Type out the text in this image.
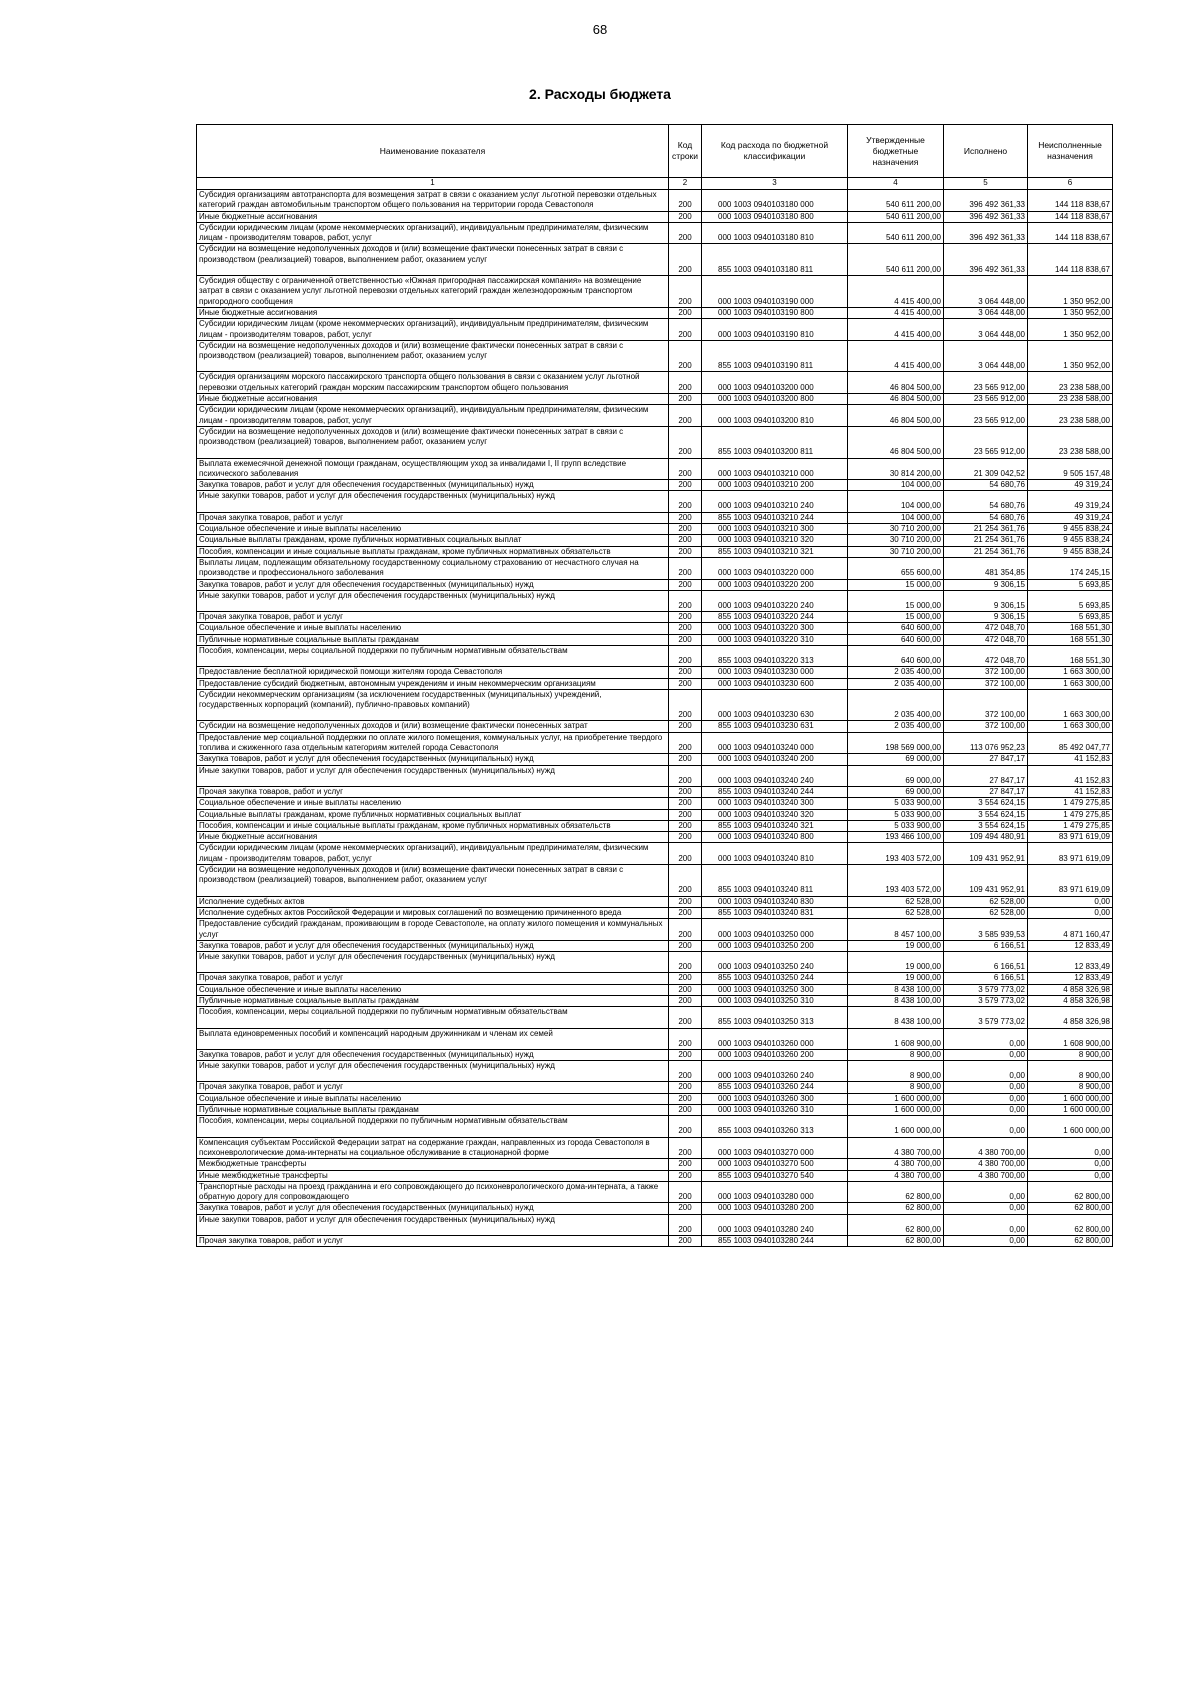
68
2. Расходы бюджета
Наименование показателя	Код строки	Код расхода по бюджетной классификации	Утвержденные бюджетные назначения	Исполнено	Неисполненные назначения
1	2	3	4	5	6
Субсидия организациям автотранспорта для возмещения затрат в связи с оказанием услуг льготной перевозки отдельных категорий граждан автомобильным транспортом общего пользования на территории города Севастополя	200	000 1003 0940103180 000	540 611 200,00	396 492 361,33	144 118 838,67
Иные бюджетные ассигнования	200	000 1003 0940103180 800	540 611 200,00	396 492 361,33	144 118 838,67
Субсидии юридическим лицам (кроме некоммерческих организаций), индивидуальным предпринимателям, физическим лицам - производителям товаров, работ, услуг	200	000 1003 0940103180 810	540 611 200,00	396 492 361,33	144 118 838,67
Субсидии на возмещение недополученных доходов и (или) возмещение фактически понесенных затрат в связи с производством (реализацией) товаров, выполнением работ, оказанием услуг	200	855 1003 0940103180 811	540 611 200,00	396 492 361,33	144 118 838,67
Субсидия обществу с ограниченной ответственностью «Южная пригородная пассажирская компания» на возмещение затрат в связи с оказанием услуг льготной перевозки отдельных категорий граждан железнодорожным транспортом пригородного сообщения	200	000 1003 0940103190 000	4 415 400,00	3 064 448,00	1 350 952,00
Иные бюджетные ассигнования	200	000 1003 0940103190 800	4 415 400,00	3 064 448,00	1 350 952,00
Субсидии юридическим лицам (кроме некоммерческих организаций), индивидуальным предпринимателям, физическим лицам - производителям товаров, работ, услуг	200	000 1003 0940103190 810	4 415 400,00	3 064 448,00	1 350 952,00
Субсидии на возмещение недополученных доходов и (или) возмещение фактически понесенных затрат в связи с производством (реализацией) товаров, выполнением работ, оказанием услуг	200	855 1003 0940103190 811	4 415 400,00	3 064 448,00	1 350 952,00
Субсидия организациям морского пассажирского транспорта общего пользования в связи с оказанием услуг льготной перевозки отдельных категорий граждан морским пассажирским транспортом общего пользования	200	000 1003 0940103200 000	46 804 500,00	23 565 912,00	23 238 588,00
Иные бюджетные ассигнования	200	000 1003 0940103200 800	46 804 500,00	23 565 912,00	23 238 588,00
Субсидии юридическим лицам (кроме некоммерческих организаций), индивидуальным предпринимателям, физическим лицам - производителям товаров, работ, услуг	200	000 1003 0940103200 810	46 804 500,00	23 565 912,00	23 238 588,00
Субсидии на возмещение недополученных доходов и (или) возмещение фактически понесенных затрат в связи с производством (реализацией) товаров, выполнением работ, оказанием услуг	200	855 1003 0940103200 811	46 804 500,00	23 565 912,00	23 238 588,00
Выплата ежемесячной денежной помощи гражданам, осуществляющим уход за инвалидами I, II групп вследствие психического заболевания	200	000 1003 0940103210 000	30 814 200,00	21 309 042,52	9 505 157,48
Закупка товаров, работ и услуг для обеспечения государственных (муниципальных) нужд	200	000 1003 0940103210 200	104 000,00	54 680,76	49 319,24
Иные закупки товаров, работ и услуг для обеспечения государственных (муниципальных) нужд	200	000 1003 0940103210 240	104 000,00	54 680,76	49 319,24
Прочая закупка товаров, работ и услуг	200	855 1003 0940103210 244	104 000,00	54 680,76	49 319,24
Социальное обеспечение и иные выплаты населению	200	000 1003 0940103210 300	30 710 200,00	21 254 361,76	9 455 838,24
Социальные выплаты гражданам, кроме публичных нормативных социальных выплат	200	000 1003 0940103210 320	30 710 200,00	21 254 361,76	9 455 838,24
Пособия, компенсации и иные социальные выплаты гражданам, кроме публичных нормативных обязательств	200	855 1003 0940103210 321	30 710 200,00	21 254 361,76	9 455 838,24
Выплаты лицам, подлежащим обязательному государственному социальному страхованию от несчастного случая на производстве и профессионального заболевания	200	000 1003 0940103220 000	655 600,00	481 354,85	174 245,15
Закупка товаров, работ и услуг для обеспечения государственных (муниципальных) нужд	200	000 1003 0940103220 200	15 000,00	9 306,15	5 693,85
Иные закупки товаров, работ и услуг для обеспечения государственных (муниципальных) нужд	200	000 1003 0940103220 240	15 000,00	9 306,15	5 693,85
Прочая закупка товаров, работ и услуг	200	855 1003 0940103220 244	15 000,00	9 306,15	5 693,85
Социальное обеспечение и иные выплаты населению	200	000 1003 0940103220 300	640 600,00	472 048,70	168 551,30
Публичные нормативные социальные выплаты гражданам	200	000 1003 0940103220 310	640 600,00	472 048,70	168 551,30
Пособия, компенсации, меры социальной поддержки по публичным нормативным обязательствам	200	855 1003 0940103220 313	640 600,00	472 048,70	168 551,30
Предоставление бесплатной юридической помощи жителям города Севастополя	200	000 1003 0940103230 000	2 035 400,00	372 100,00	1 663 300,00
Предоставление субсидий бюджетным, автономным учреждениям и иным некоммерческим организациям	200	000 1003 0940103230 600	2 035 400,00	372 100,00	1 663 300,00
Субсидии некоммерческим организациям (за исключением государственных (муниципальных) учреждений, государственных корпораций (компаний), публично-правовых компаний)	200	000 1003 0940103230 630	2 035 400,00	372 100,00	1 663 300,00
Субсидии на возмещение недополученных доходов и (или) возмещение фактически понесенных затрат	200	855 1003 0940103230 631	2 035 400,00	372 100,00	1 663 300,00
Предоставление мер социальной поддержки по оплате жилого помещения, коммунальных услуг, на приобретение твердого топлива и сжиженного газа отдельным категориям жителей города Севастополя	200	000 1003 0940103240 000	198 569 000,00	113 076 952,23	85 492 047,77
Закупка товаров, работ и услуг для обеспечения государственных (муниципальных) нужд	200	000 1003 0940103240 200	69 000,00	27 847,17	41 152,83
Иные закупки товаров, работ и услуг для обеспечения государственных (муниципальных) нужд	200	000 1003 0940103240 240	69 000,00	27 847,17	41 152,83
Прочая закупка товаров, работ и услуг	200	855 1003 0940103240 244	69 000,00	27 847,17	41 152,83
Социальное обеспечение и иные выплаты населению	200	000 1003 0940103240 300	5 033 900,00	3 554 624,15	1 479 275,85
Социальные выплаты гражданам, кроме публичных нормативных социальных выплат	200	000 1003 0940103240 320	5 033 900,00	3 554 624,15	1 479 275,85
Пособия, компенсации и иные социальные выплаты гражданам, кроме публичных нормативных обязательств	200	855 1003 0940103240 321	5 033 900,00	3 554 624,15	1 479 275,85
Иные бюджетные ассигнования	200	000 1003 0940103240 800	193 466 100,00	109 494 480,91	83 971 619,09
Субсидии юридическим лицам (кроме некоммерческих организаций), индивидуальным предпринимателям, физическим лицам - производителям товаров, работ, услуг	200	000 1003 0940103240 810	193 403 572,00	109 431 952,91	83 971 619,09
Субсидии на возмещение недополученных доходов и (или) возмещение фактически понесенных затрат в связи с производством (реализацией) товаров, выполнением работ, оказанием услуг	200	855 1003 0940103240 811	193 403 572,00	109 431 952,91	83 971 619,09
Исполнение судебных актов	200	000 1003 0940103240 830	62 528,00	62 528,00	0,00
Исполнение судебных актов Российской Федерации и мировых соглашений по возмещению причиненного вреда	200	855 1003 0940103240 831	62 528,00	62 528,00	0,00
Предоставление субсидий гражданам, проживающим в городе Севастополе, на оплату жилого помещения и коммунальных услуг	200	000 1003 0940103250 000	8 457 100,00	3 585 939,53	4 871 160,47
Закупка товаров, работ и услуг для обеспечения государственных (муниципальных) нужд	200	000 1003 0940103250 200	19 000,00	6 166,51	12 833,49
Иные закупки товаров, работ и услуг для обеспечения государственных (муниципальных) нужд	200	000 1003 0940103250 240	19 000,00	6 166,51	12 833,49
Прочая закупка товаров, работ и услуг	200	855 1003 0940103250 244	19 000,00	6 166,51	12 833,49
Социальное обеспечение и иные выплаты населению	200	000 1003 0940103250 300	8 438 100,00	3 579 773,02	4 858 326,98
Публичные нормативные социальные выплаты гражданам	200	000 1003 0940103250 310	8 438 100,00	3 579 773,02	4 858 326,98
Пособия, компенсации, меры социальной поддержки по публичным нормативным обязательствам	200	855 1003 0940103250 313	8 438 100,00	3 579 773,02	4 858 326,98
Выплата единовременных пособий и компенсаций народным дружинникам и членам их семей	200	000 1003 0940103260 000	1 608 900,00	0,00	1 608 900,00
Закупка товаров, работ и услуг для обеспечения государственных (муниципальных) нужд	200	000 1003 0940103260 200	8 900,00	0,00	8 900,00
Иные закупки товаров, работ и услуг для обеспечения государственных (муниципальных) нужд	200	000 1003 0940103260 240	8 900,00	0,00	8 900,00
Прочая закупка товаров, работ и услуг	200	855 1003 0940103260 244	8 900,00	0,00	8 900,00
Социальное обеспечение и иные выплаты населению	200	000 1003 0940103260 300	1 600 000,00	0,00	1 600 000,00
Публичные нормативные социальные выплаты гражданам	200	000 1003 0940103260 310	1 600 000,00	0,00	1 600 000,00
Пособия, компенсации, меры социальной поддержки по публичным нормативным обязательствам	200	855 1003 0940103260 313	1 600 000,00	0,00	1 600 000,00
Компенсация субъектам Российской Федерации затрат на содержание граждан, направленных из города Севастополя в психоневрологические дома-интернаты на социальное обслуживание в стационарной форме	200	000 1003 0940103270 000	4 380 700,00	4 380 700,00	0,00
Межбюджетные трансферты	200	000 1003 0940103270 500	4 380 700,00	4 380 700,00	0,00
Иные межбюджетные трансферты	200	855 1003 0940103270 540	4 380 700,00	4 380 700,00	0,00
Транспортные расходы на проезд гражданина и его сопровождающего до психоневрологического дома-интерната, а также обратную дорогу для сопровождающего	200	000 1003 0940103280 000	62 800,00	0,00	62 800,00
Закупка товаров, работ и услуг для обеспечения государственных (муниципальных) нужд	200	000 1003 0940103280 200	62 800,00	0,00	62 800,00
Иные закупки товаров, работ и услуг для обеспечения государственных (муниципальных) нужд	200	000 1003 0940103280 240	62 800,00	0,00	62 800,00
Прочая закупка товаров, работ и услуг	200	855 1003 0940103280 244	62 800,00	0,00	62 800,00
